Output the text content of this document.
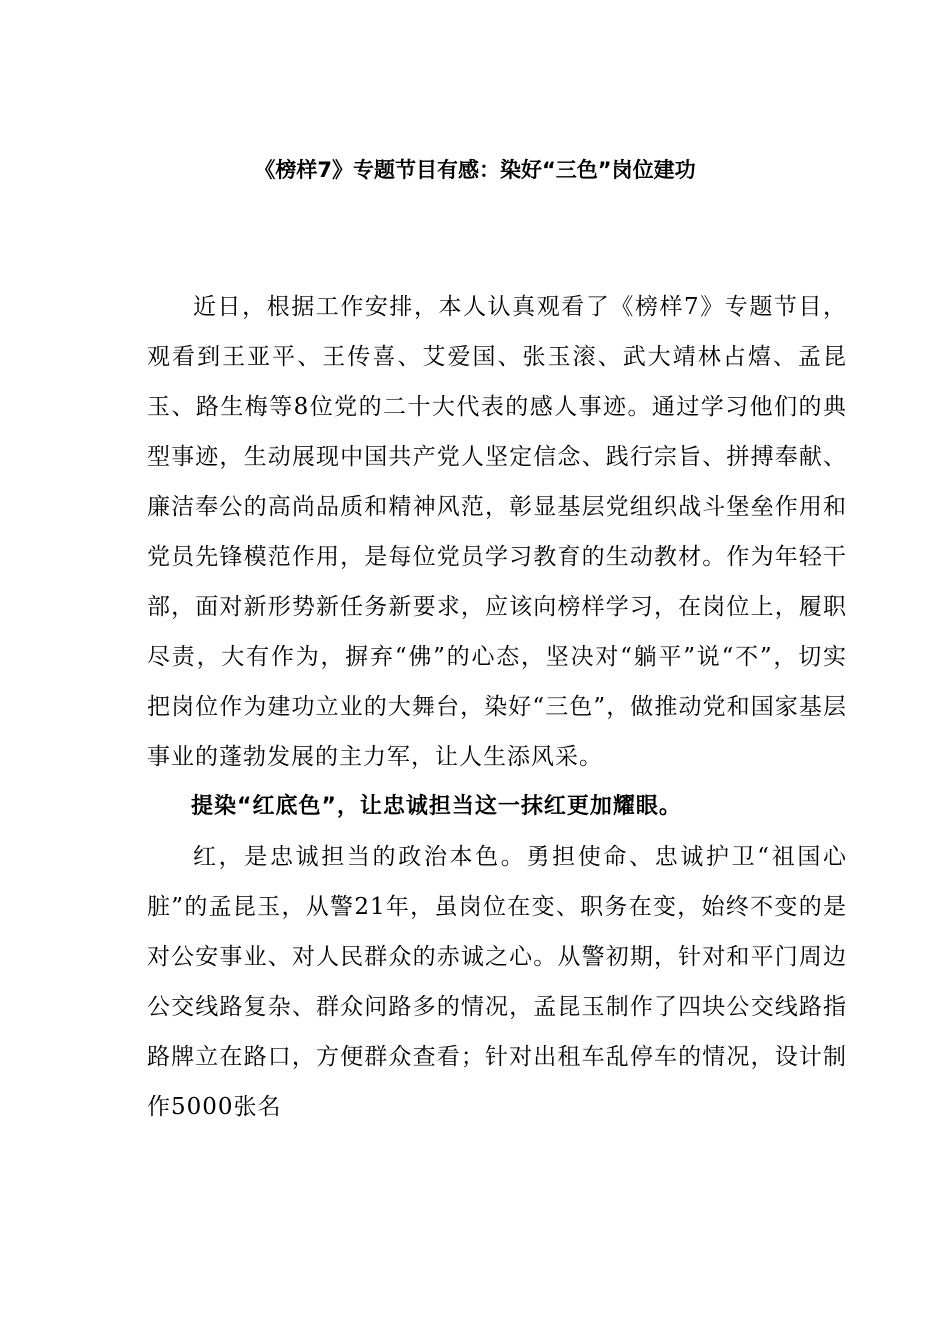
《榜样7》专题节目有感：染好“三色”岗位建功

近日，根据工作安排，本人认真观看了《榜样7》专题节目，观看到王亚平、王传喜、艾爱国、张玉滚、武大靖林占熺、孟昆玉、路生梅等8位党的二十大代表的感人事迹。通过学习他们的典型事迹，生动展现中国共产党人坚定信念、践行宗旨、拼搏奉献、廉洁奉公的高尚品质和精神风范，彰显基层党组织战斗堡垒作用和党员先锋模范作用，是每位党员学习教育的生动教材。作为年轻干部，面对新形势新任务新要求，应该向榜样学习，在岗位上，履职尽责，大有作为，摒弃“佛”的心态，坚决对“躺平”说“不”，切实把岗位作为建功立业的大舞台，染好“三色”，做推动党和国家基层事业的蓬勃发展的主力军，让人生添风采。

提染“红底色”，让忠诚担当这一抹红更加耀眼。

红，是忠诚担当的政治本色。勇担使命、忠诚护卫“祖国心脏”的孟昆玉，从警21年，虽岗位在变、职务在变，始终不变的是对公安事业、对人民群众的赤诚之心。从警初期，针对和平门周边公交线路复杂、群众问路多的情况，孟昆玉制作了四块公交线路指路牌立在路口，方便群众查看；针对出租车乱停车的情况，设计制作5000张名
